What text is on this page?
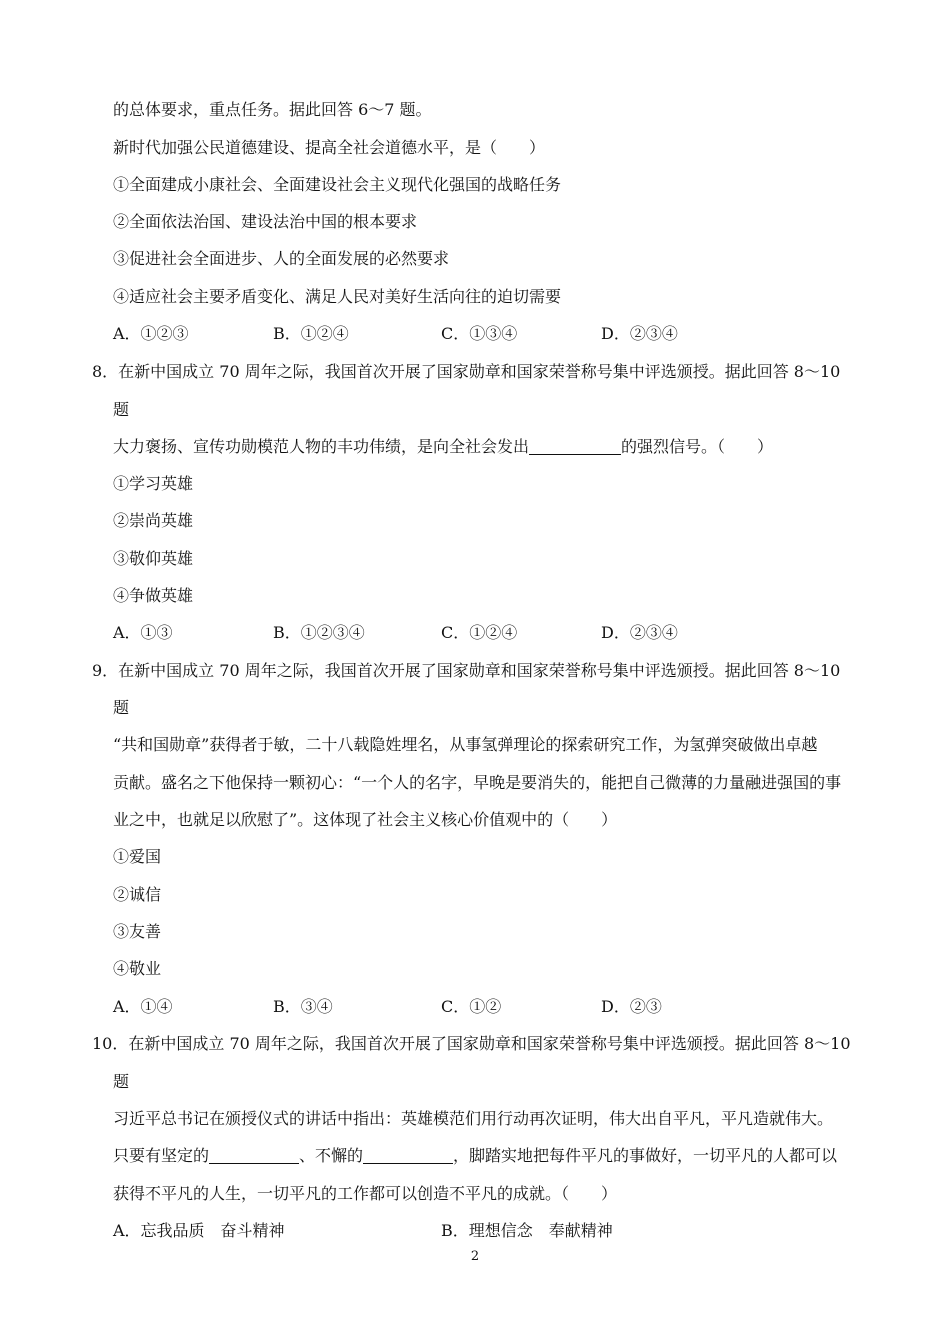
的总体要求，重点任务。据此回答 6～7 题。
新时代加强公民道德建设、提高全社会道德水平，是（　　）
①全面建成小康社会、全面建设社会主义现代化强国的战略任务
②全面依法治国、建设法治中国的根本要求
③促进社会全面进步、人的全面发展的必然要求
④适应社会主要矛盾变化、满足人民对美好生活向往的迫切需要
A．①②③	B．①②④	C．①③④	D．②③④
8．在新中国成立 70 周年之际，我国首次开展了国家勋章和国家荣誉称号集中评选颁授。据此回答 8～10
题
大力褒扬、宣传功勋模范人物的丰功伟绩，是向全社会发出	的强烈信号。（　　）
①学习英雄
②崇尚英雄
③敬仰英雄
④争做英雄
A．①③	B．①②③④	C．①②④	D．②③④
9．在新中国成立 70 周年之际，我国首次开展了国家勋章和国家荣誉称号集中评选颁授。据此回答 8～10
题
“共和国勋章”获得者于敏，二十八载隐姓埋名，从事氢弹理论的探索研究工作，为氢弹突破做出卓越
贡献。盛名之下他保持一颗初心：“一个人的名字，早晚是要消失的，能把自己微薄的力量融进强国的事
业之中，也就足以欣慰了”。这体现了社会主义核心价值观中的（　　）
①爱国
②诚信
③友善
④敬业
A．①④	B．③④	C．①②	D．②③
10．在新中国成立 70 周年之际，我国首次开展了国家勋章和国家荣誉称号集中评选颁授。据此回答 8～10
题
习近平总书记在颁授仪式的讲话中指出：英雄模范们用行动再次证明，伟大出自平凡，平凡造就伟大。
只要有坚定的	、不懈的	，脚踏实地把每件平凡的事做好，一切平凡的人都可以
获得不平凡的人生，一切平凡的工作都可以创造不平凡的成就。（　　）
A．忘我品质　奋斗精神	B．理想信念　奉献精神
2
